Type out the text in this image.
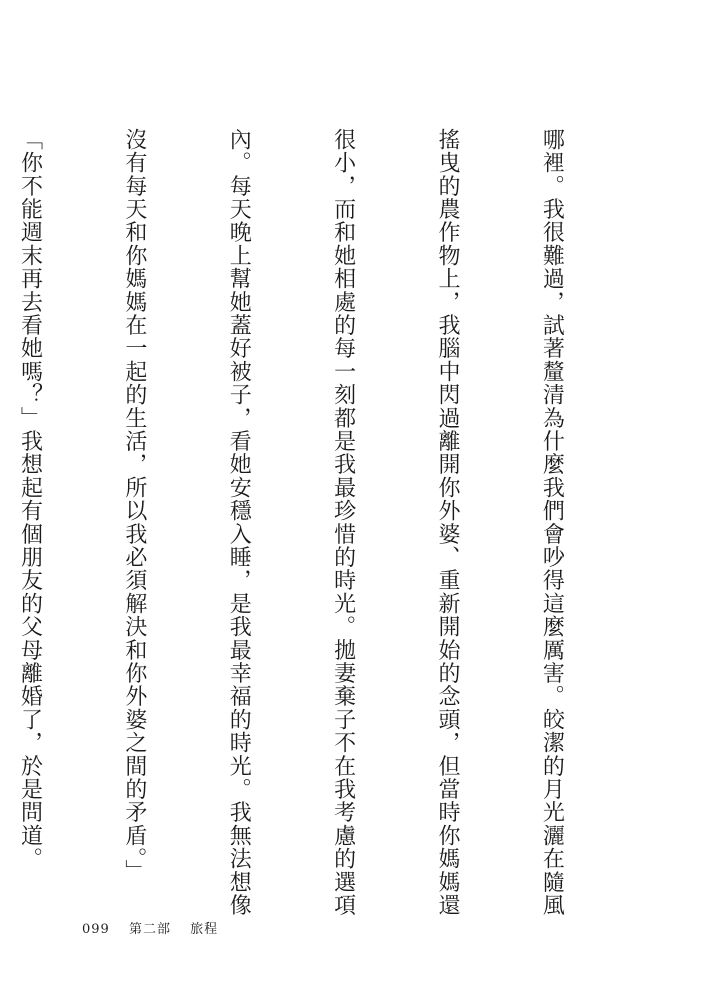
哪裡。我很難過，試著釐清為什麼我們會吵得這麼厲害。皎潔的月光灑在隨風

搖曳的農作物上，我腦中閃過離開你外婆、重新開始的念頭，但當時你媽媽還

很小，而和她相處的每一刻都是我最珍惜的時光。拋妻棄子不在我考慮的選項

內。每天晚上幫她蓋好被子，看她安穩入睡，是我最幸福的時光。我無法想像

沒有每天和你媽媽在一起的生活，所以我必須解決和你外婆之間的矛盾。」

「你不能週末再去看她嗎？」我想起有個朋友的父母離婚了，於是問道。

099 第二部 旅程
